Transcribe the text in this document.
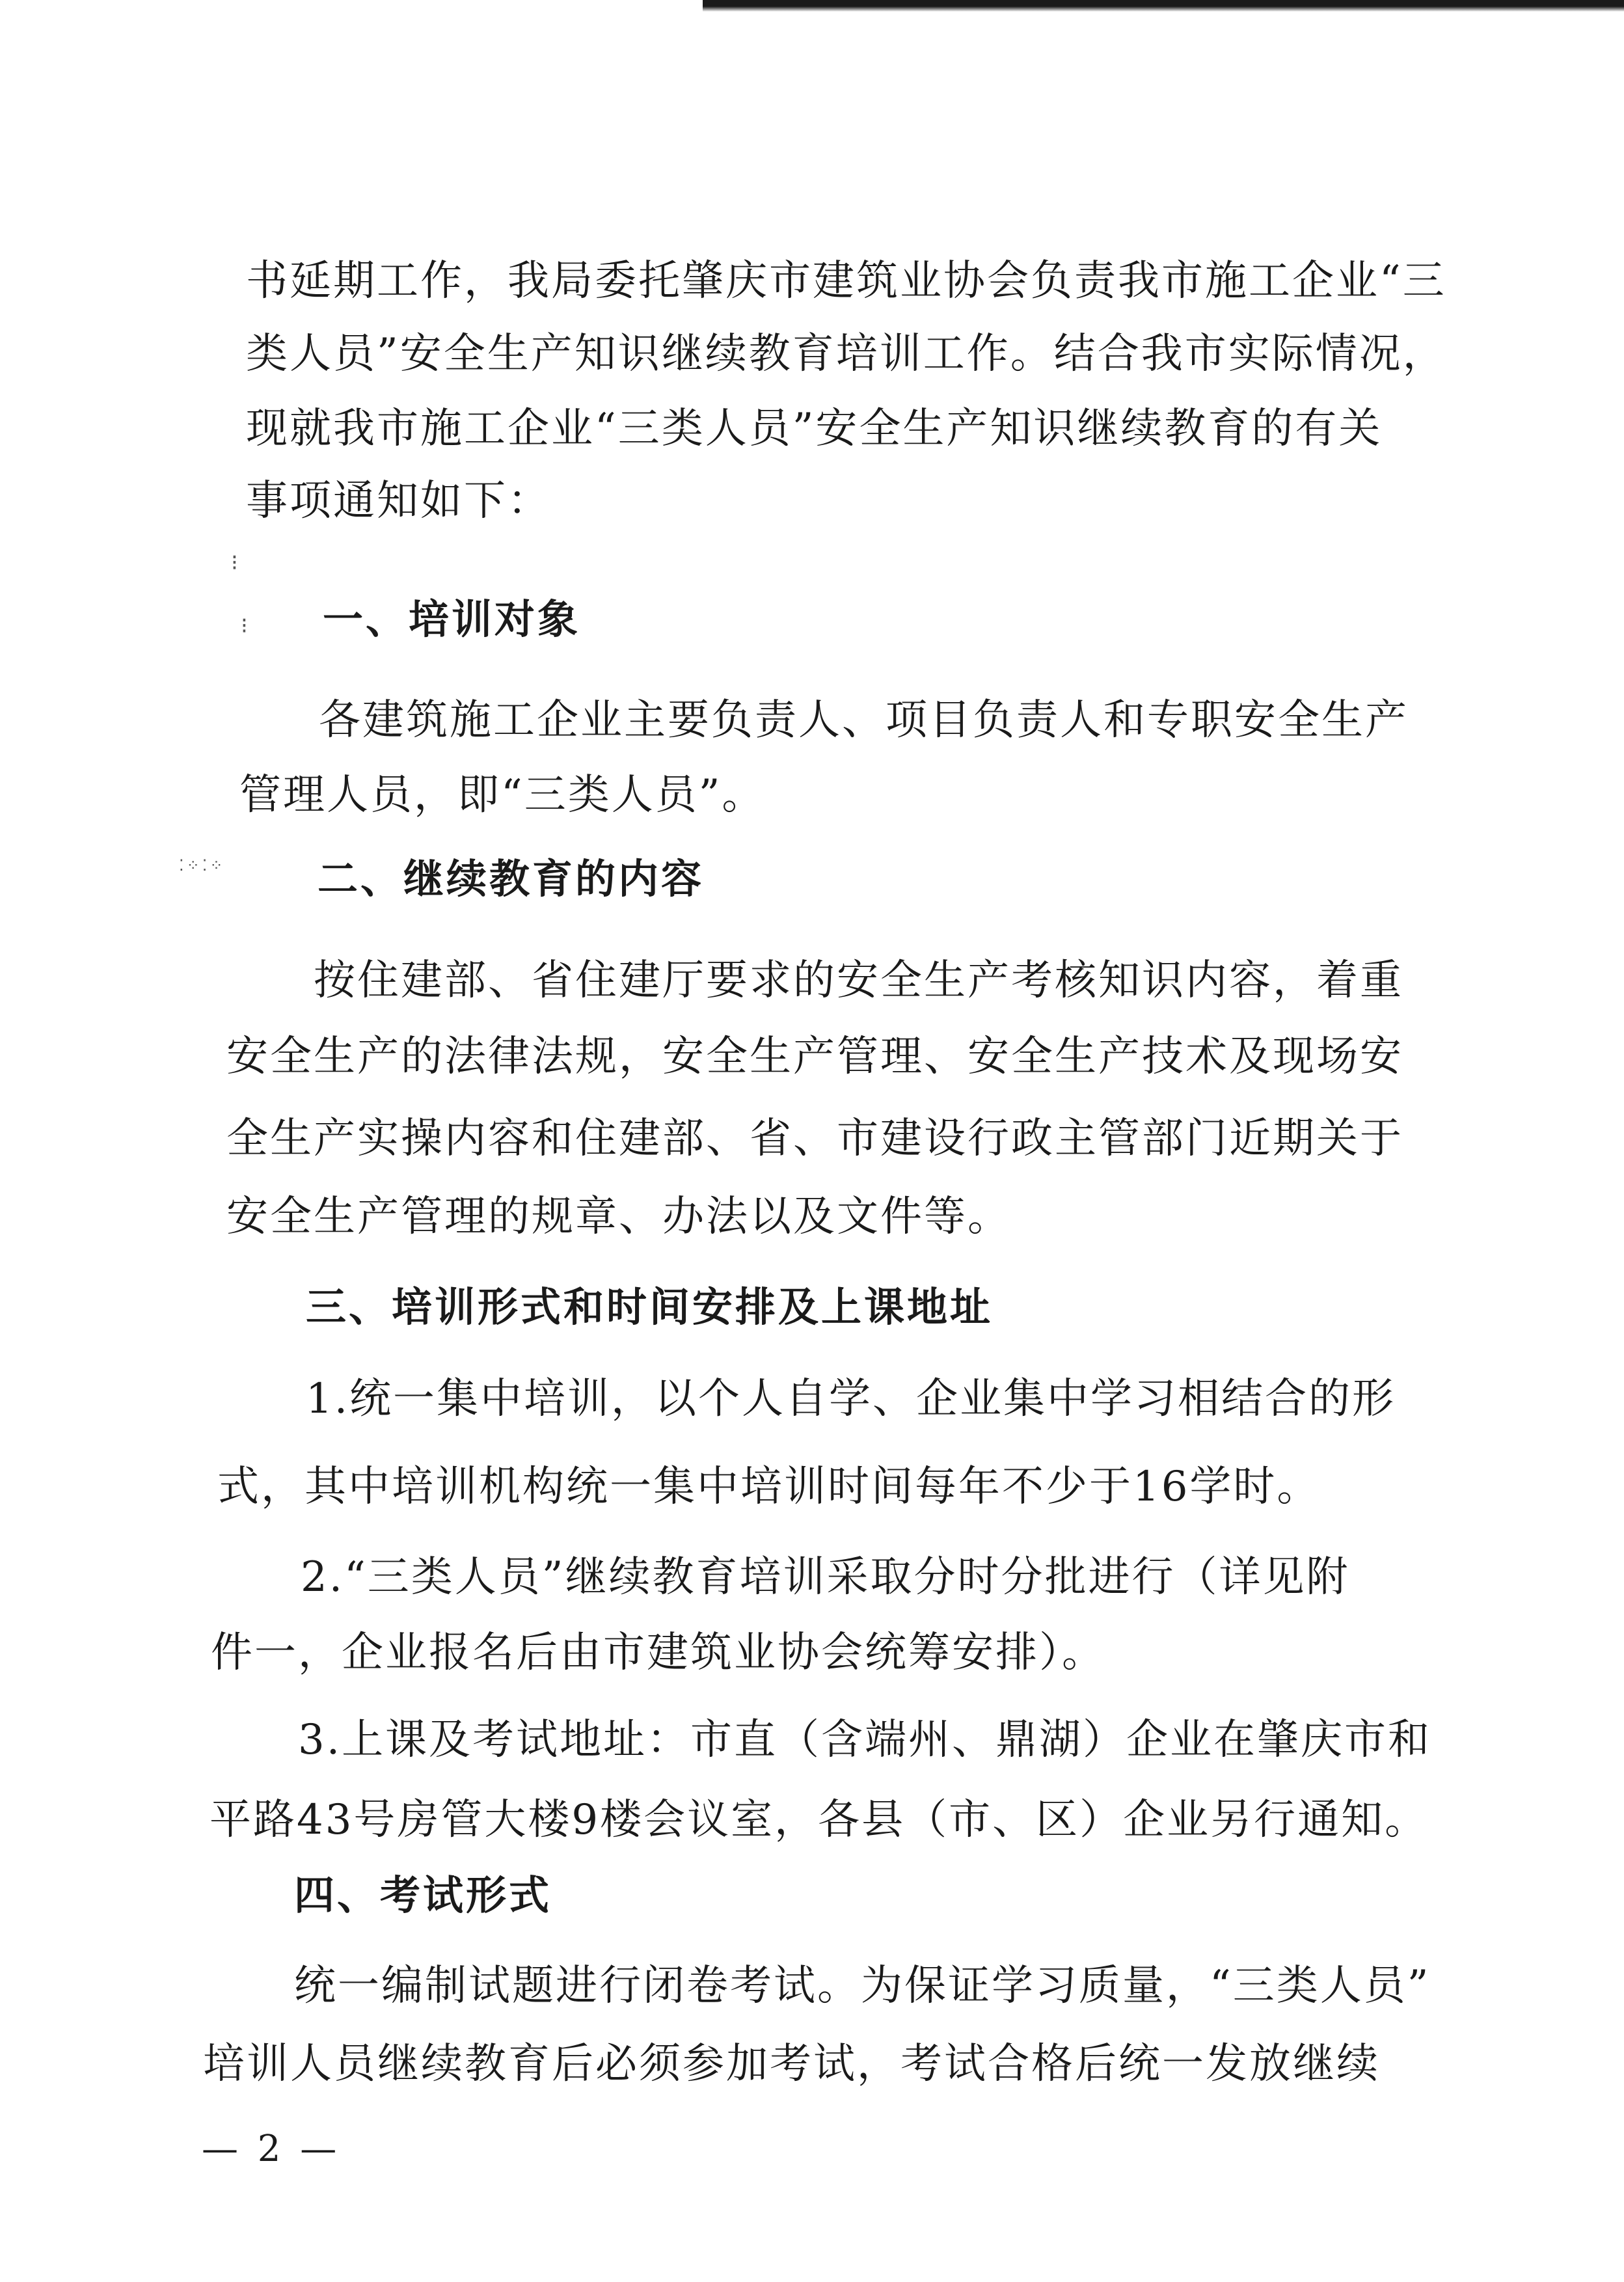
⁝
⁝
⁚⁘⁚⁘
书延期工作，我局委托肇庆市建筑业协会负责我市施工企业“三
类人员”安全生产知识继续教育培训工作。结合我市实际情况，
现就我市施工企业“三类人员”安全生产知识继续教育的有关
事项通知如下：
一、培训对象
各建筑施工企业主要负责人、项目负责人和专职安全生产
管理人员，即“三类人员”。
二、继续教育的内容
按住建部、省住建厅要求的安全生产考核知识内容，着重
安全生产的法律法规，安全生产管理、安全生产技术及现场安
全生产实操内容和住建部、省、市建设行政主管部门近期关于
安全生产管理的规章、办法以及文件等。
三、培训形式和时间安排及上课地址
1.统一集中培训，以个人自学、企业集中学习相结合的形
式，其中培训机构统一集中培训时间每年不少于16学时。
2.“三类人员”继续教育培训采取分时分批进行（详见附
件一，企业报名后由市建筑业协会统筹安排）。
3.上课及考试地址：市直（含端州、鼎湖）企业在肇庆市和
平路43号房管大楼9楼会议室，各县（市、区）企业另行通知。
四、考试形式
统一编制试题进行闭卷考试。为保证学习质量，“三类人员”
培训人员继续教育后必须参加考试，考试合格后统一发放继续
— 2 —
